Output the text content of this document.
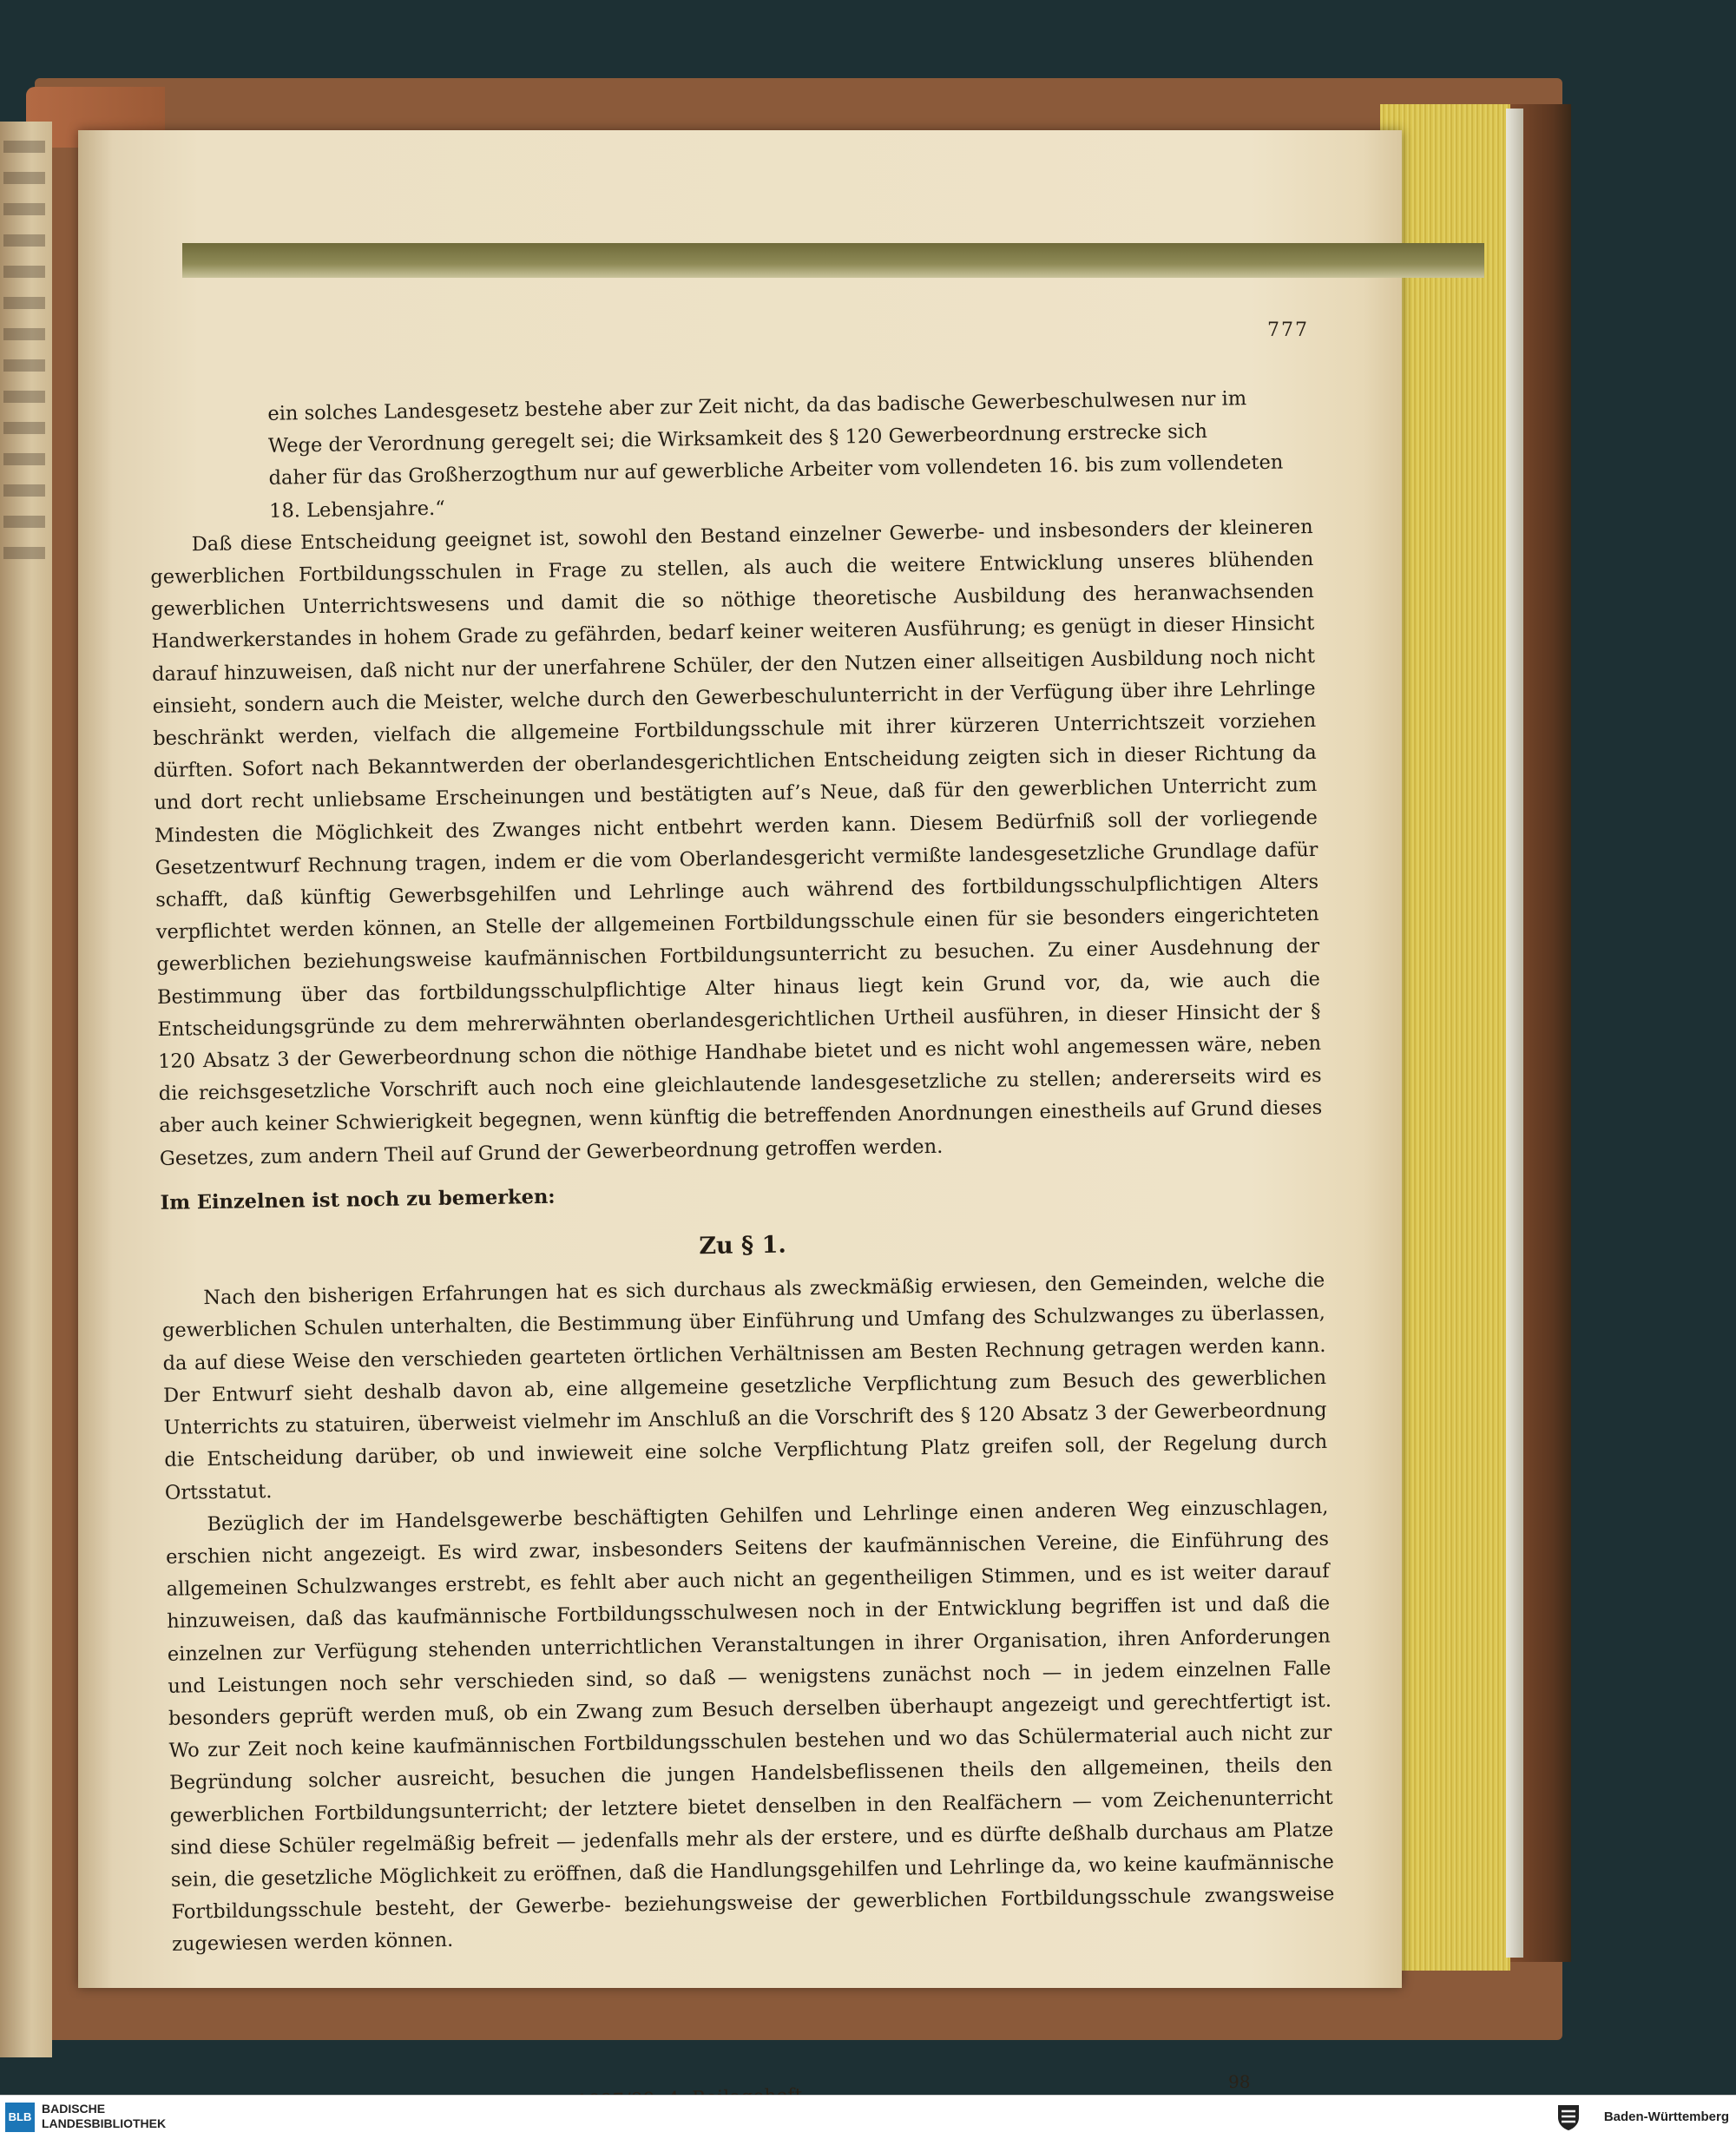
777

ein solches Landesgesetz bestehe aber zur Zeit nicht, da das badische Gewerbeschulwesen nur im

Wege der Verordnung geregelt sei; die Wirksamkeit des § 120 Gewerbeordnung erstrecke sich

daher für das Großherzogthum nur auf gewerbliche Arbeiter vom vollendeten 16. bis zum vollendeten

18. Lebensjahre.“

Daß diese Entscheidung geeignet ist, sowohl den Bestand einzelner Gewerbe- und insbesonders der kleineren gewerblichen Fortbildungsschulen in Frage zu stellen, als auch die weitere Entwicklung unseres blühenden gewerblichen Unterrichtswesens und damit die so nöthige theoretische Ausbildung des heranwachsenden Handwerkerstandes in hohem Grade zu gefährden, bedarf keiner weiteren Ausführung; es genügt in dieser Hinsicht darauf hinzuweisen, daß nicht nur der unerfahrene Schüler, der den Nutzen einer allseitigen Ausbildung noch nicht einsieht, sondern auch die Meister, welche durch den Gewerbeschulunterricht in der Verfügung über ihre Lehrlinge beschränkt werden, vielfach die allgemeine Fortbildungsschule mit ihrer kürzeren Unterrichtszeit vorziehen dürften. Sofort nach Bekanntwerden der oberlandesgerichtlichen Entscheidung zeigten sich in dieser Richtung da und dort recht unliebsame Erscheinungen und bestätigten auf’s Neue, daß für den gewerblichen Unterricht zum Mindesten die Möglichkeit des Zwanges nicht entbehrt werden kann. Diesem Bedürfniß soll der vorliegende Gesetzentwurf Rechnung tragen, indem er die vom Oberlandesgericht vermißte landesgesetzliche Grundlage dafür schafft, daß künftig Gewerbsgehilfen und Lehrlinge auch während des fortbildungsschulpflichtigen Alters verpflichtet werden können, an Stelle der allgemeinen Fortbildungsschule einen für sie besonders eingerichteten gewerblichen beziehungsweise kaufmännischen Fortbildungsunterricht zu besuchen. Zu einer Ausdehnung der Bestimmung über das fortbildungsschulpflichtige Alter hinaus liegt kein Grund vor, da, wie auch die Entscheidungsgründe zu dem mehrerwähnten oberlandesgerichtlichen Urtheil ausführen, in dieser Hinsicht der § 120 Absatz 3 der Gewerbeordnung schon die nöthige Handhabe bietet und es nicht wohl angemessen wäre, neben die reichsgesetzliche Vorschrift auch noch eine gleichlautende landesgesetzliche zu stellen; andererseits wird es aber auch keiner Schwierigkeit begegnen, wenn künftig die betreffenden Anordnungen einestheils auf Grund dieses Gesetzes, zum andern Theil auf Grund der Gewerbeordnung getroffen werden.

Im Einzelnen ist noch zu bemerken:

Zu § 1.

Nach den bisherigen Erfahrungen hat es sich durchaus als zweckmäßig erwiesen, den Gemeinden, welche die gewerblichen Schulen unterhalten, die Bestimmung über Einführung und Umfang des Schulzwanges zu überlassen, da auf diese Weise den verschieden gearteten örtlichen Verhältnissen am Besten Rechnung getragen werden kann. Der Entwurf sieht deshalb davon ab, eine allgemeine gesetzliche Verpflichtung zum Besuch des gewerblichen Unterrichts zu statuiren, überweist vielmehr im Anschluß an die Vorschrift des § 120 Absatz 3 der Gewerbeordnung die Entscheidung darüber, ob und inwieweit eine solche Verpflichtung Platz greifen soll, der Regelung durch Ortsstatut.

Bezüglich der im Handelsgewerbe beschäftigten Gehilfen und Lehrlinge einen anderen Weg einzuschlagen, erschien nicht angezeigt. Es wird zwar, insbesonders Seitens der kaufmännischen Vereine, die Einführung des allgemeinen Schulzwanges erstrebt, es fehlt aber auch nicht an gegentheiligen Stimmen, und es ist weiter darauf hinzuweisen, daß das kaufmännische Fortbildungsschulwesen noch in der Entwicklung begriffen ist und daß die einzelnen zur Verfügung stehenden unterrichtlichen Veranstaltungen in ihrer Organisation, ihren Anforderungen und Leistungen noch sehr verschieden sind, so daß — wenigstens zunächst noch — in jedem einzelnen Falle besonders geprüft werden muß, ob ein Zwang zum Besuch derselben überhaupt angezeigt und gerechtfertigt ist. Wo zur Zeit noch keine kaufmännischen Fortbildungsschulen bestehen und wo das Schülermaterial auch nicht zur Begründung solcher ausreicht, besuchen die jungen Handelsbeflissenen theils den allgemeinen, theils den gewerblichen Fortbildungsunterricht; der letztere bietet denselben in den Realfächern — vom Zeichenunterricht sind diese Schüler regelmäßig befreit — jedenfalls mehr als der erstere, und es dürfte deßhalb durchaus am Platze sein, die gesetzliche Möglichkeit zu eröffnen, daß die Handlungsgehilfen und Lehrlinge da, wo keine kaufmännische Fortbildungsschule besteht, der Gewerbe- beziehungsweise der gewerblichen Fortbildungsschule zwangsweise zugewiesen werden können.

98
BLB
BADISCHE
LANDESBIBLIOTHEK	Baden-Württemberg
